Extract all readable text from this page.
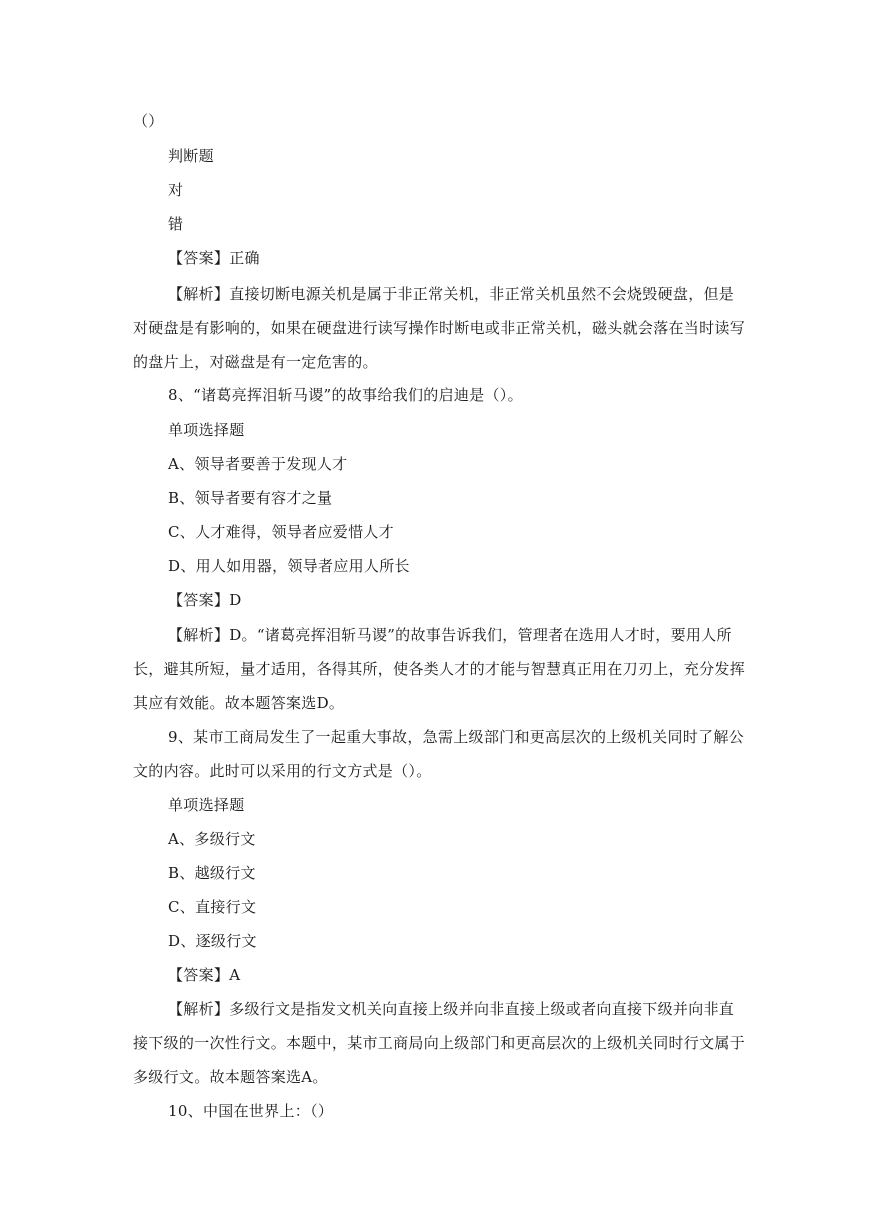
（）
判断题
对
错
【答案】正确
【解析】直接切断电源关机是属于非正常关机，非正常关机虽然不会烧毁硬盘，但是
对硬盘是有影响的，如果在硬盘进行读写操作时断电或非正常关机，磁头就会落在当时读写
的盘片上，对磁盘是有一定危害的。
8、“诸葛亮挥泪斩马谡”的故事给我们的启迪是（）。
单项选择题
A、领导者要善于发现人才
B、领导者要有容才之量
C、人才难得，领导者应爱惜人才
D、用人如用器，领导者应用人所长
【答案】D
【解析】D。“诸葛亮挥泪斩马谡”的故事告诉我们，管理者在选用人才时，要用人所
长，避其所短，量才适用，各得其所，使各类人才的才能与智慧真正用在刀刃上，充分发挥
其应有效能。故本题答案选D。
9、某市工商局发生了一起重大事故，急需上级部门和更高层次的上级机关同时了解公
文的内容。此时可以采用的行文方式是（）。
单项选择题
A、多级行文
B、越级行文
C、直接行文
D、逐级行文
【答案】A
【解析】多级行文是指发文机关向直接上级并向非直接上级或者向直接下级并向非直
接下级的一次性行文。本题中，某市工商局向上级部门和更高层次的上级机关同时行文属于
多级行文。故本题答案选A。
10、中国在世界上：（）
